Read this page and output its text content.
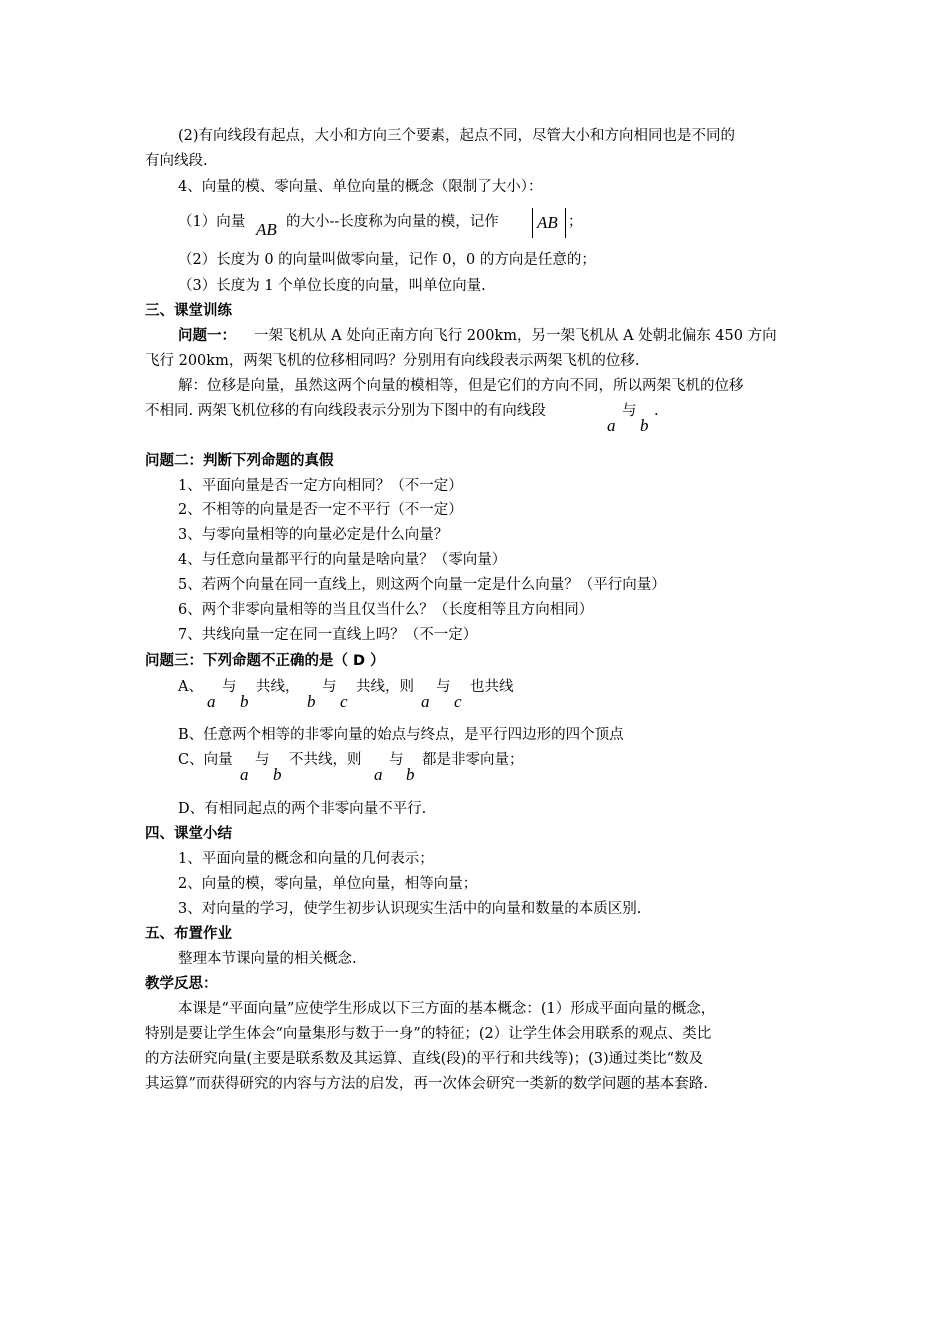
(2)有向线段有起点，大小和方向三个要素，起点不同，尽管大小和方向相同也是不同的
有向线段.
4、向量的模、零向量、单位向量的概念（限制了大小）：
（1）向量 AB 的大小--长度称为向量的模，记作 AB ；
（2）长度为 0 的向量叫做零向量，记作 0，0 的方向是任意的；
（3）长度为 1 个单位长度的向量，叫单位向量.
三、课堂训练
问题一： 一架飞机从 A 处向正南方向飞行 200km，另一架飞机从 A 处朝北偏东 450 方向
飞行 200km，两架飞机的位移相同吗？分别用有向线段表示两架飞机的位移.
解：位移是向量，虽然这两个向量的模相等，但是它们的方向不同，所以两架飞机的位移
不相同. 两架飞机位移的有向线段表示分别为下图中的有向线段
a
与
b
.
问题二：判断下列命题的真假
1、平面向量是否一定方向相同？（不一定）
2、不相等的向量是否一定不平行（不一定）
3、与零向量相等的向量必定是什么向量？
4、与任意向量都平行的向量是啥向量？（零向量）
5、若两个向量在同一直线上，则这两个向量一定是什么向量？（平行向量）
6、两个非零向量相等的当且仅当什么？（长度相等且方向相同）
7、共线向量一定在同一直线上吗？（不一定）
问题三：下列命题不正确的是（ D ）
A、
a
与
b
共线，
b
与
c
共线，则
a
与
c
也共线
B、任意两个相等的非零向量的始点与终点，是平行四边形的四个顶点
C、向量
a
与
b
不共线，则
a
与
b
都是非零向量；
D、有相同起点的两个非零向量不平行.
四、课堂小结
1、平面向量的概念和向量的几何表示；
2、向量的模，零向量，单位向量，相等向量；
3、对向量的学习，使学生初步认识现实生活中的向量和数量的本质区别.
五、布置作业
整理本节课向量的相关概念.
教学反思：
本课是“平面向量”应使学生形成以下三方面的基本概念：(1）形成平面向量的概念，
特别是要让学生体会“向量集形与数于一身”的特征；(2）让学生体会用联系的观点、类比
的方法研究向量(主要是联系数及其运算、直线(段)的平行和共线等)；(3)通过类比“数及
其运算”而获得研究的内容与方法的启发，再一次体会研究一类新的数学问题的基本套路.
